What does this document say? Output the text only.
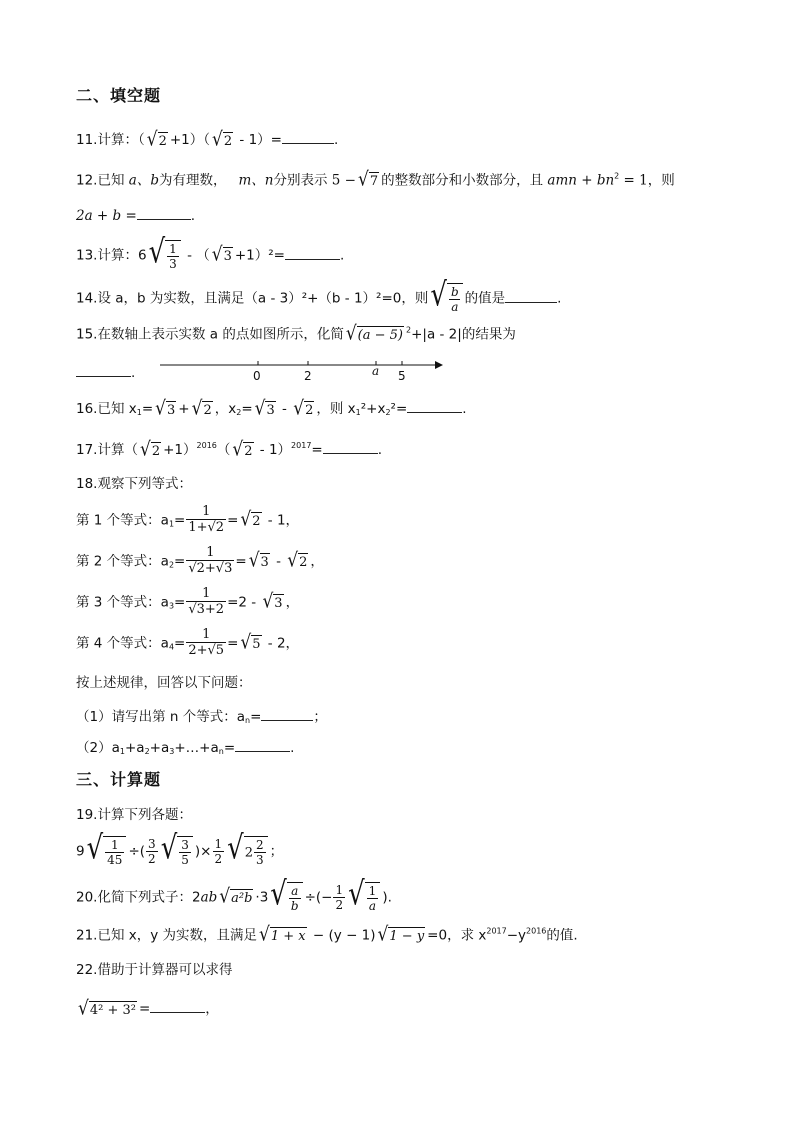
二、填空题
11.计算：（ √ 2 +1）（ √ 2 - 1）=	.
12.已知 a、b为有理数， m、n分别表示 5 − √ 7 的整数部分和小数部分，且 amn + $bn^2 = 1$，则
2a + b =	.
13.计算：6 √ $\frac{1}{3}$ - （ √ 3 +1）²=	.
14.设 a，b 为实数，且满足（a - 3）²+（b - 1）²=0，则 √ $\frac{b}{a}$ 的值是	.
15.在数轴上表示实数 a 的点如图所示，化简 √ (a − 5) $^2$+|a - 2|的结果为
.	0	2	a 5
16.已知 $x_1=$ √ 3 + √ 2 ，$x_2=$ √ 3 - √ 2 ，则 $x_1^2+x_2^2=$	.
17.计算（ √ 2 +1）$^{2016}$（ √ 2 - 1）$^{2017}$=	.
18.观察下列等式：
第 1 个等式：$a_1= \frac{1}{1+√2}$ = √ 2 - 1，
第 2 个等式：$a_2= \frac{1}{√2+√3}$ = √ 3 - √ 2 ，
第 3 个等式：$a_3= \frac{1}{√3+2} =2$ - √ 3 ，
第 4 个等式：$a_4= \frac{1}{2+√5}$ = √ 5 - 2，
按上述规律，回答以下问题：
（1）请写出第 n 个等式：$a_n=$	；
$(2)a_1+a_2+a_3+\dots+a_n=$	.
三、计算题
19.计算下列各题：
9 √ $\frac{1}{45}$ ÷( $\frac{3}{2}$ √ $\frac{3}{5}$ )× $\frac{1}{2}$ √ $2 \frac{2}{3}$ ；
20.化简下列式子：2ab √ a²b ·3 √ $\frac{a}{b}$ ÷(− $\frac{1}{2}$ √ $\frac{1}{a}$ ).
21.已知 x，y 为实数，且满足 √ 1 + x − (y − 1) √ 1 − y =0，求 $x^{2017}-y^{2016}$的值.
22.借助于计算器可以求得
√ 4² + 3² =	，
